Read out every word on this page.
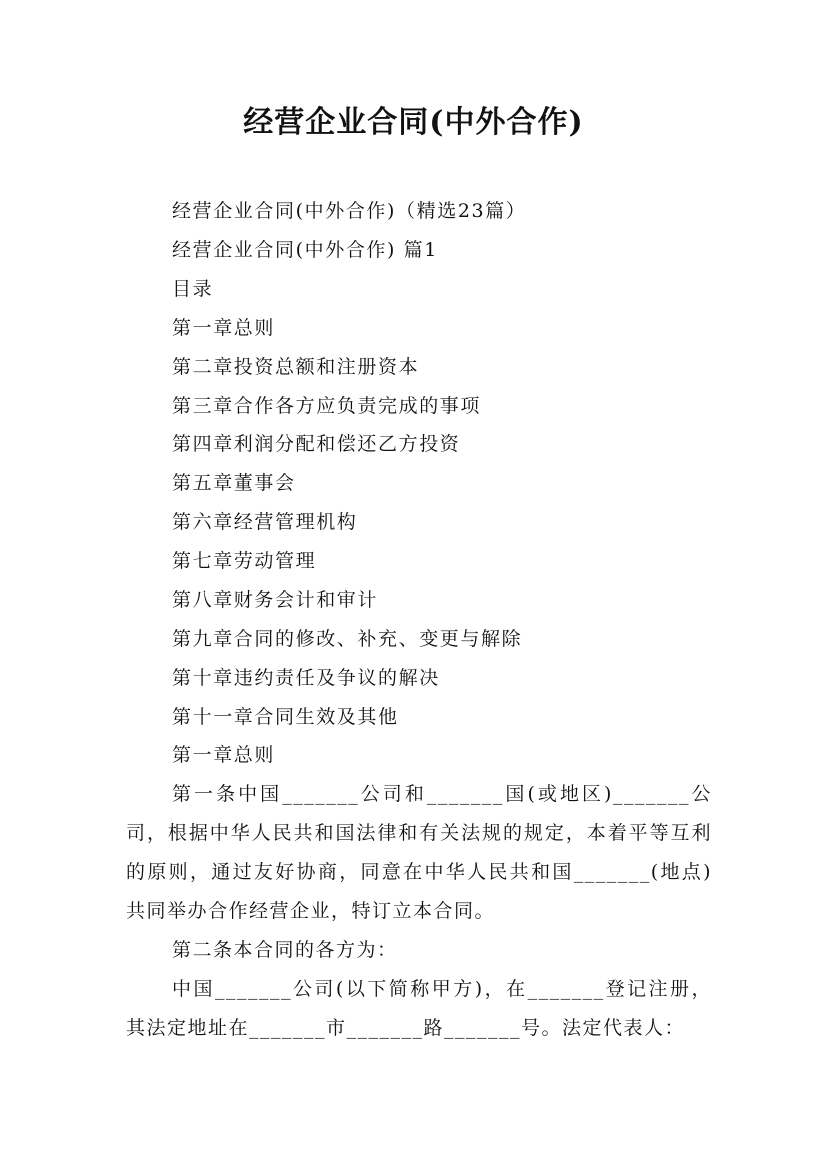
经营企业合同(中外合作)
经营企业合同(中外合作)（精选23篇）
经营企业合同(中外合作) 篇1
目录
第一章总则
第二章投资总额和注册资本
第三章合作各方应负责完成的事项
第四章利润分配和偿还乙方投资
第五章董事会
第六章经营管理机构
第七章劳动管理
第八章财务会计和审计
第九章合同的修改、补充、变更与解除
第十章违约责任及争议的解决
第十一章合同生效及其他
第一章总则

第一条中国_______公司和_______国(或地区)_______公司，根据中华人民共和国法律和有关法规的规定，本着平等互利的原则，通过友好协商，同意在中华人民共和国_______(地点)共同举办合作经营企业，特订立本合同。

第二条本合同的各方为：

中国_______公司(以下简称甲方)，在_______登记注册，其法定地址在_______市_______路_______号。法定代表人：
